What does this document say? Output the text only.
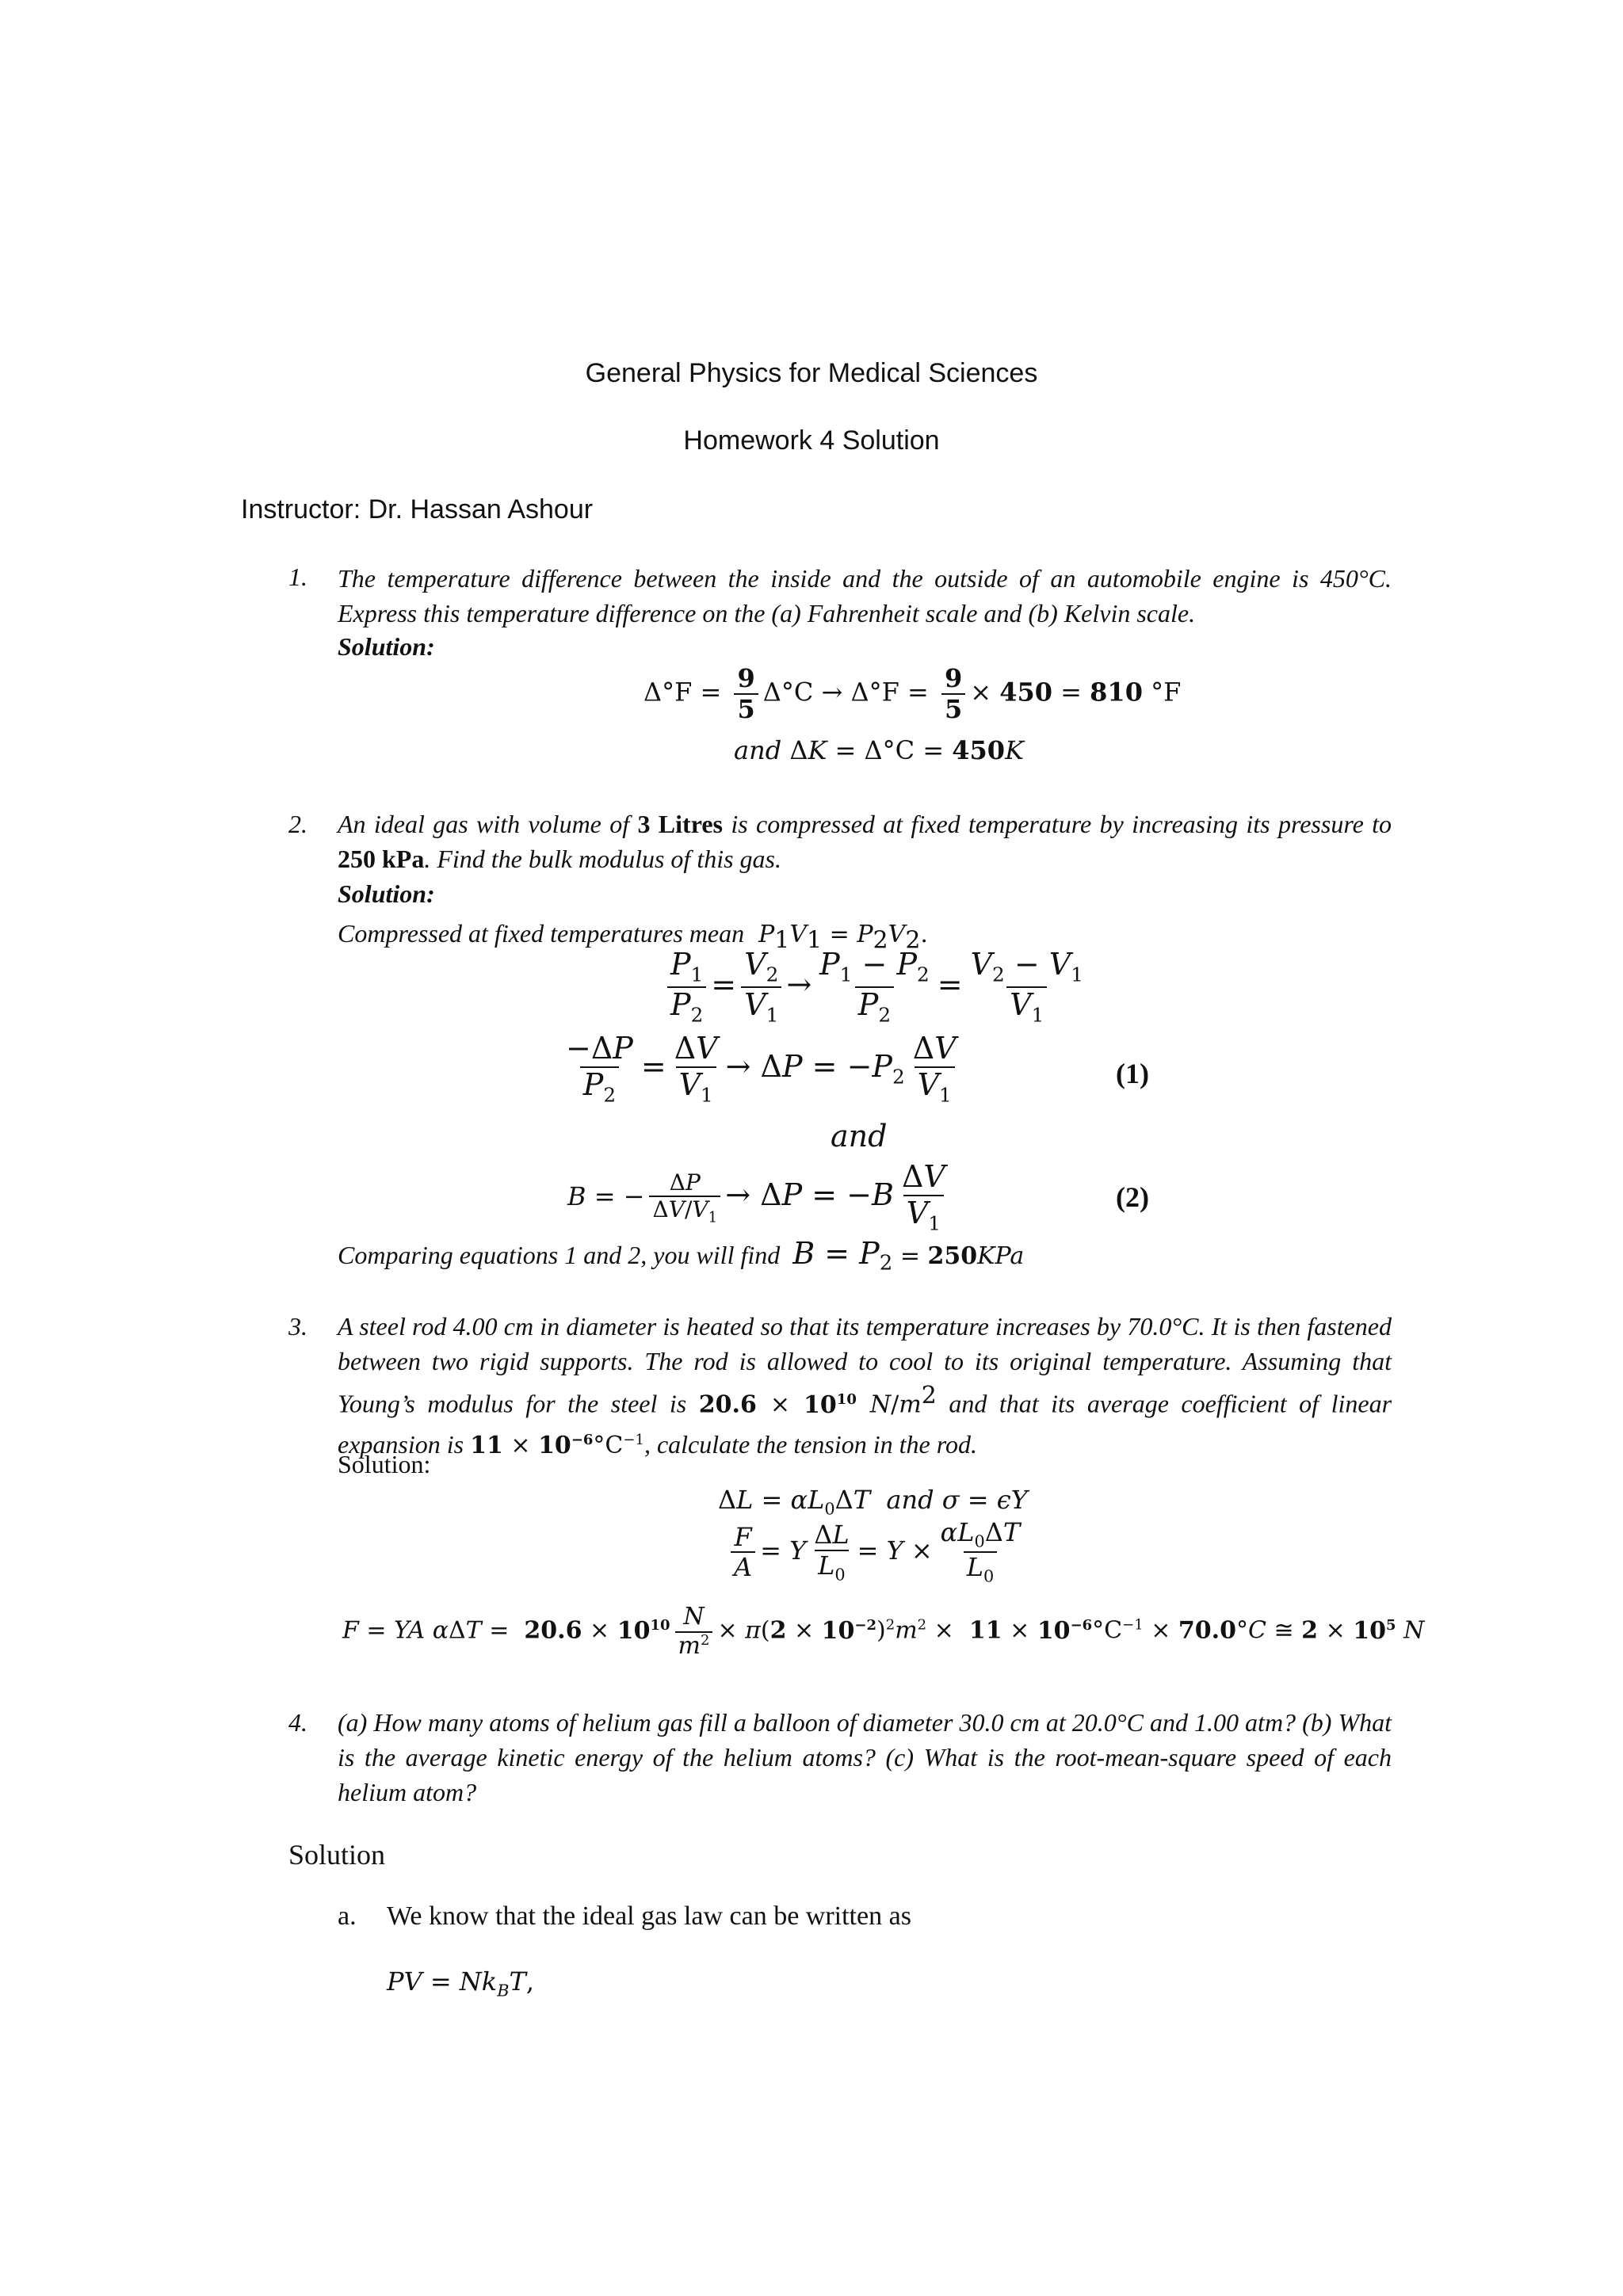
General Physics for Medical Sciences
Homework 4 Solution
Instructor: Dr. Hassan Ashour
1. The temperature difference between the inside and the outside of an automobile engine is 450°C. Express this temperature difference on the (a) Fahrenheit scale and (b) Kelvin scale.
Solution:
$\Delta^\circ F = \frac{9}{5} \Delta^\circ C \to \Delta^\circ F = \frac{9}{5} \times 450 = 810$ °F
and ΔK = Δ°C = 450K
2. An ideal gas with volume of 3 Litres is compressed at fixed temperature by increasing its pressure to 250 kPa. Find the bulk modulus of this gas.
Solution:
Compressed at fixed temperatures mean $P_1V_1 = P_2V_2$.
$\frac{P_1}{P_2} = \frac{V_2}{V_1} \to \frac{P_1 - P_2}{P_2} = \frac{V_2 - V_1}{V_1}$
$\frac{-\Delta P}{P_2} = \frac{\Delta V}{V_1} \to \Delta P = -P_2 \frac{\Delta V}{V_1}$	(1)
and
B = − $\frac{\Delta P}{\Delta V/V_1} \to \Delta P = -B \frac{\Delta V}{V_1}$	(2)
Comparing equations 1 and 2, you will find $B = P_2 = 250KPa$
3. A steel rod 4.00 cm in diameter is heated so that its temperature increases by 70.0°C. It is then fastened between two rigid supports. The rod is allowed to cool to its original temperature. Assuming that Young’s modulus for the steel is $20.6 \times 10^{10}$ $N/m^2$ and that its average coefficient of linear expansion is $11 \times 10^{-6}^\circ C^{-1}$, calculate the tension in the rod.
Solution:
$\Delta L = \alpha L_0\Delta T$ and σ = ϵY
$\frac{F}{A} = Y \frac{\Delta L}{L_0} = Y \times \frac{\alpha L_0\Delta T}{L_0}$
F = YA $\alpha\Delta T = 20.6 \times 10^{10} \frac{N}{m^2} \times \pi(2 \times 10^{-2})^2m^2 \times 11 \times 10^{-6}^\circ C^{-1} \times 70.0^\circ C$ ≅ $2 \times 10^5$ N
4. (a) How many atoms of helium gas fill a balloon of diameter 30.0 cm at 20.0°C and 1.00 atm? (b) What is the average kinetic energy of the helium atoms? (c) What is the root-mean-square speed of each helium atom?
Solution
a. We know that the ideal gas law can be written as
PV = $Nk_BT$,
